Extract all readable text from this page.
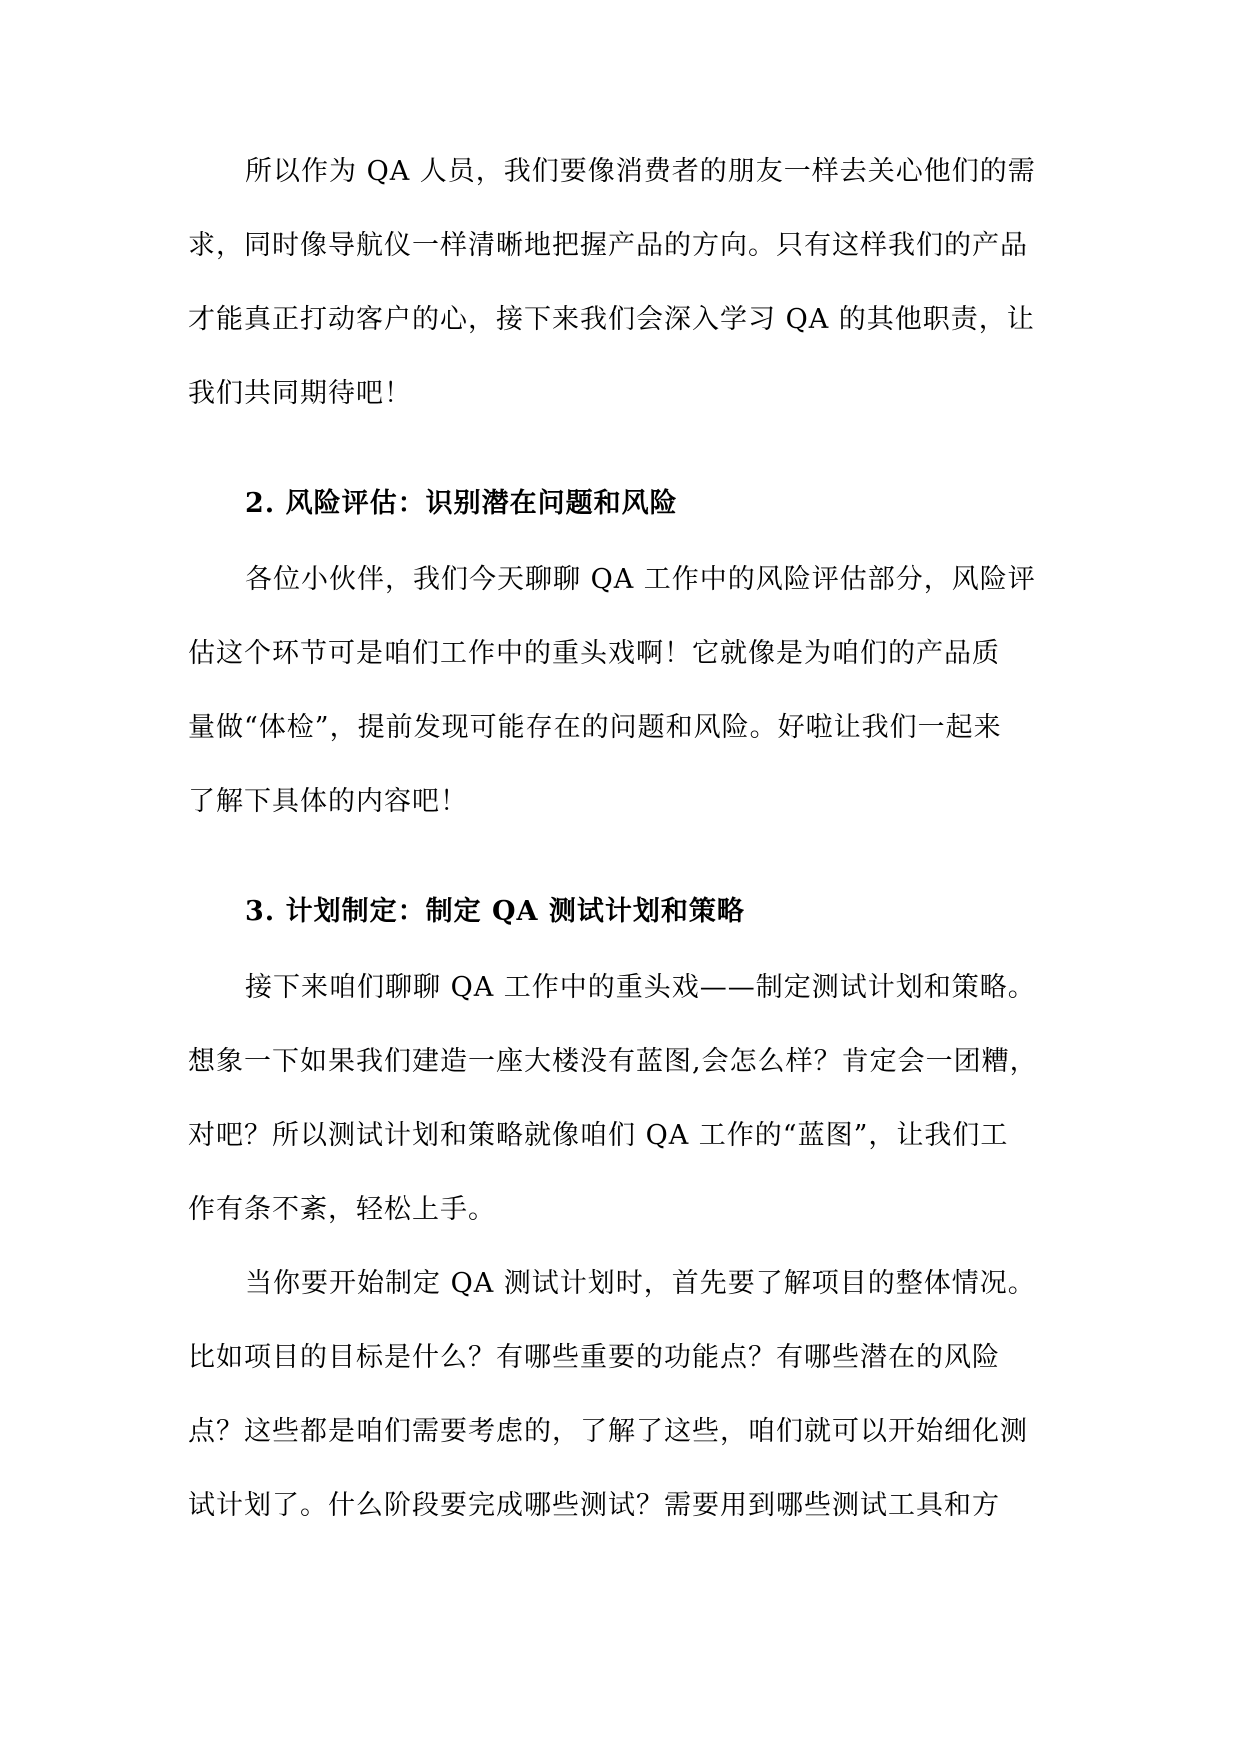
所以作为 QA 人员，我们要像消费者的朋友一样去关心他们的需
求，同时像导航仪一样清晰地把握产品的方向。只有这样我们的产品
才能真正打动客户的心，接下来我们会深入学习 QA 的其他职责，让
我们共同期待吧！
2. 风险评估：识别潜在问题和风险
各位小伙伴，我们今天聊聊 QA 工作中的风险评估部分，风险评
估这个环节可是咱们工作中的重头戏啊！它就像是为咱们的产品质
量做“体检”，提前发现可能存在的问题和风险。好啦让我们一起来
了解下具体的内容吧！
3. 计划制定：制定 QA 测试计划和策略
接下来咱们聊聊 QA 工作中的重头戏——制定测试计划和策略。
想象一下如果我们建造一座大楼没有蓝图,会怎么样？肯定会一团糟，
对吧？所以测试计划和策略就像咱们 QA 工作的“蓝图”，让我们工
作有条不紊，轻松上手。
当你要开始制定 QA 测试计划时，首先要了解项目的整体情况。
比如项目的目标是什么？有哪些重要的功能点？有哪些潜在的风险
点？这些都是咱们需要考虑的，了解了这些，咱们就可以开始细化测
试计划了。什么阶段要完成哪些测试？需要用到哪些测试工具和方
